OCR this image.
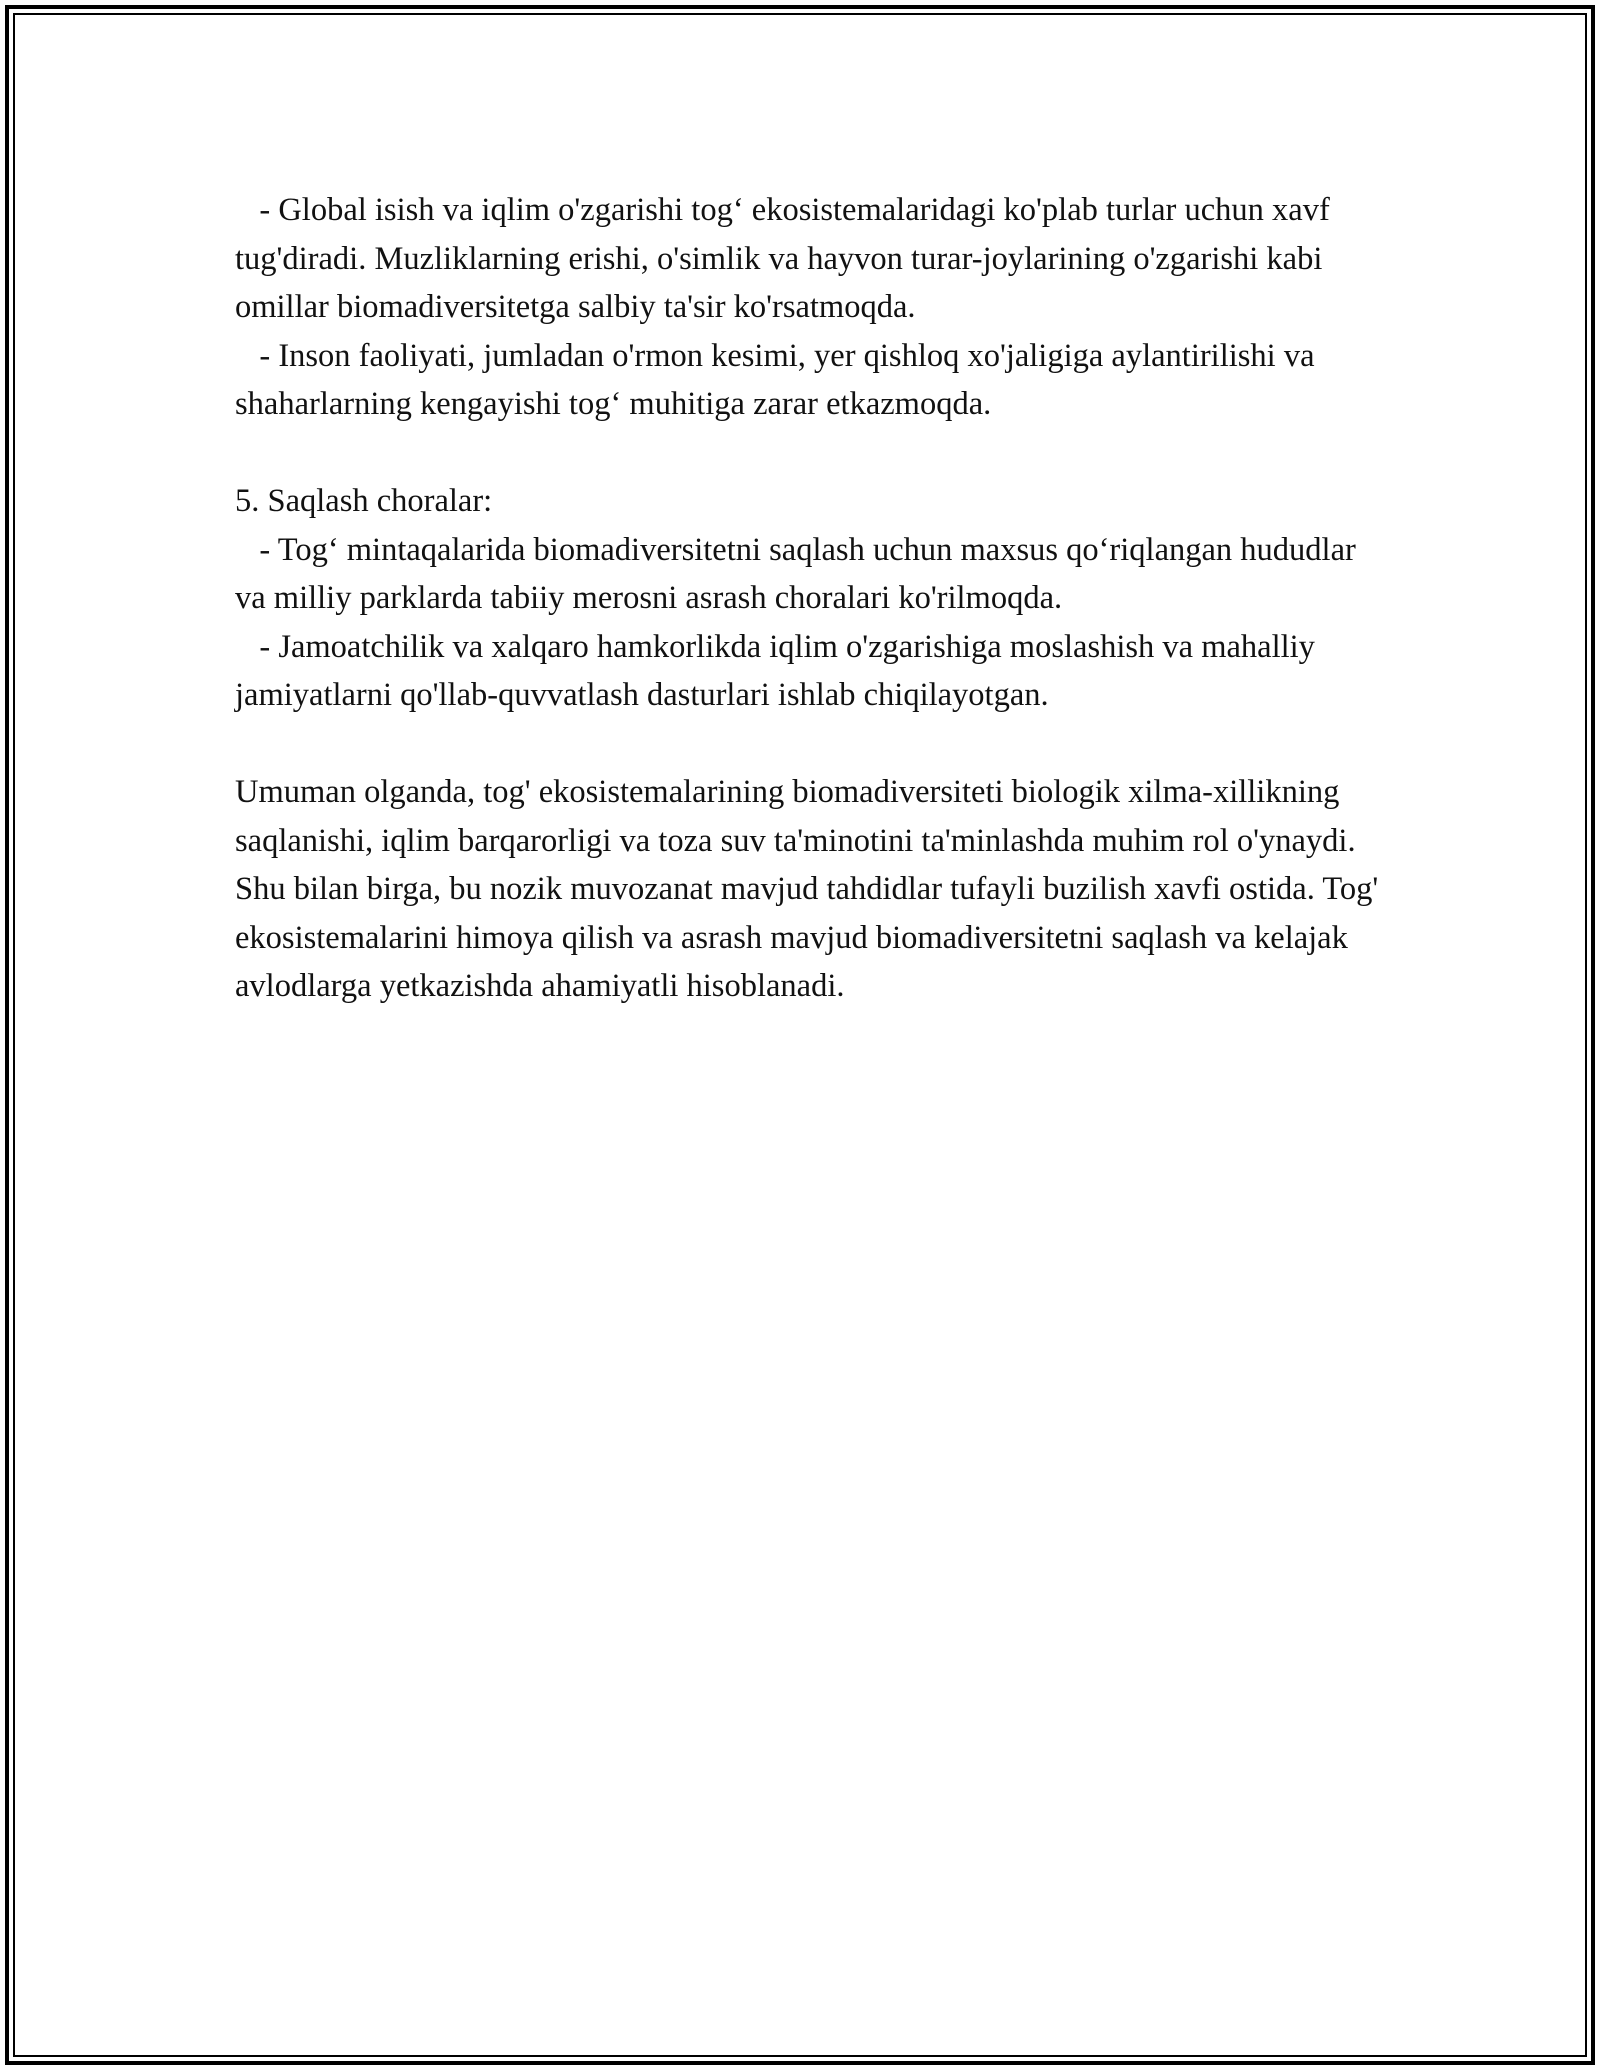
- Global isish va iqlim o'zgarishi tog‘ ekosistemalaridagi ko'plab turlar uchun xavf tug'diradi. Muzliklarning erishi, o'simlik va hayvon turar-joylarining o'zgarishi kabi omillar biomadiversitetga salbiy ta'sir ko'rsatmoqda.

- Inson faoliyati, jumladan o'rmon kesimi, yer qishloq xo'jaligiga aylantirilishi va shaharlarning kengayishi tog‘ muhitiga zarar etkazmoqda.

5. Saqlash choralar:

- Tog‘ mintaqalarida biomadiversitetni saqlash uchun maxsus qo‘riqlangan hududlar va milliy parklarda tabiiy merosni asrash choralari ko'rilmoqda.

- Jamoatchilik va xalqaro hamkorlikda iqlim o'zgarishiga moslashish va mahalliy jamiyatlarni qo'llab-quvvatlash dasturlari ishlab chiqilayotgan.

Umuman olganda, tog' ekosistemalarining biomadiversiteti biologik xilma-xillikning saqlanishi, iqlim barqarorligi va toza suv ta'minotini ta'minlashda muhim rol o'ynaydi. Shu bilan birga, bu nozik muvozanat mavjud tahdidlar tufayli buzilish xavfi ostida. Tog' ekosistemalarini himoya qilish va asrash mavjud biomadiversitetni saqlash va kelajak avlodlarga yetkazishda ahamiyatli hisoblanadi.
